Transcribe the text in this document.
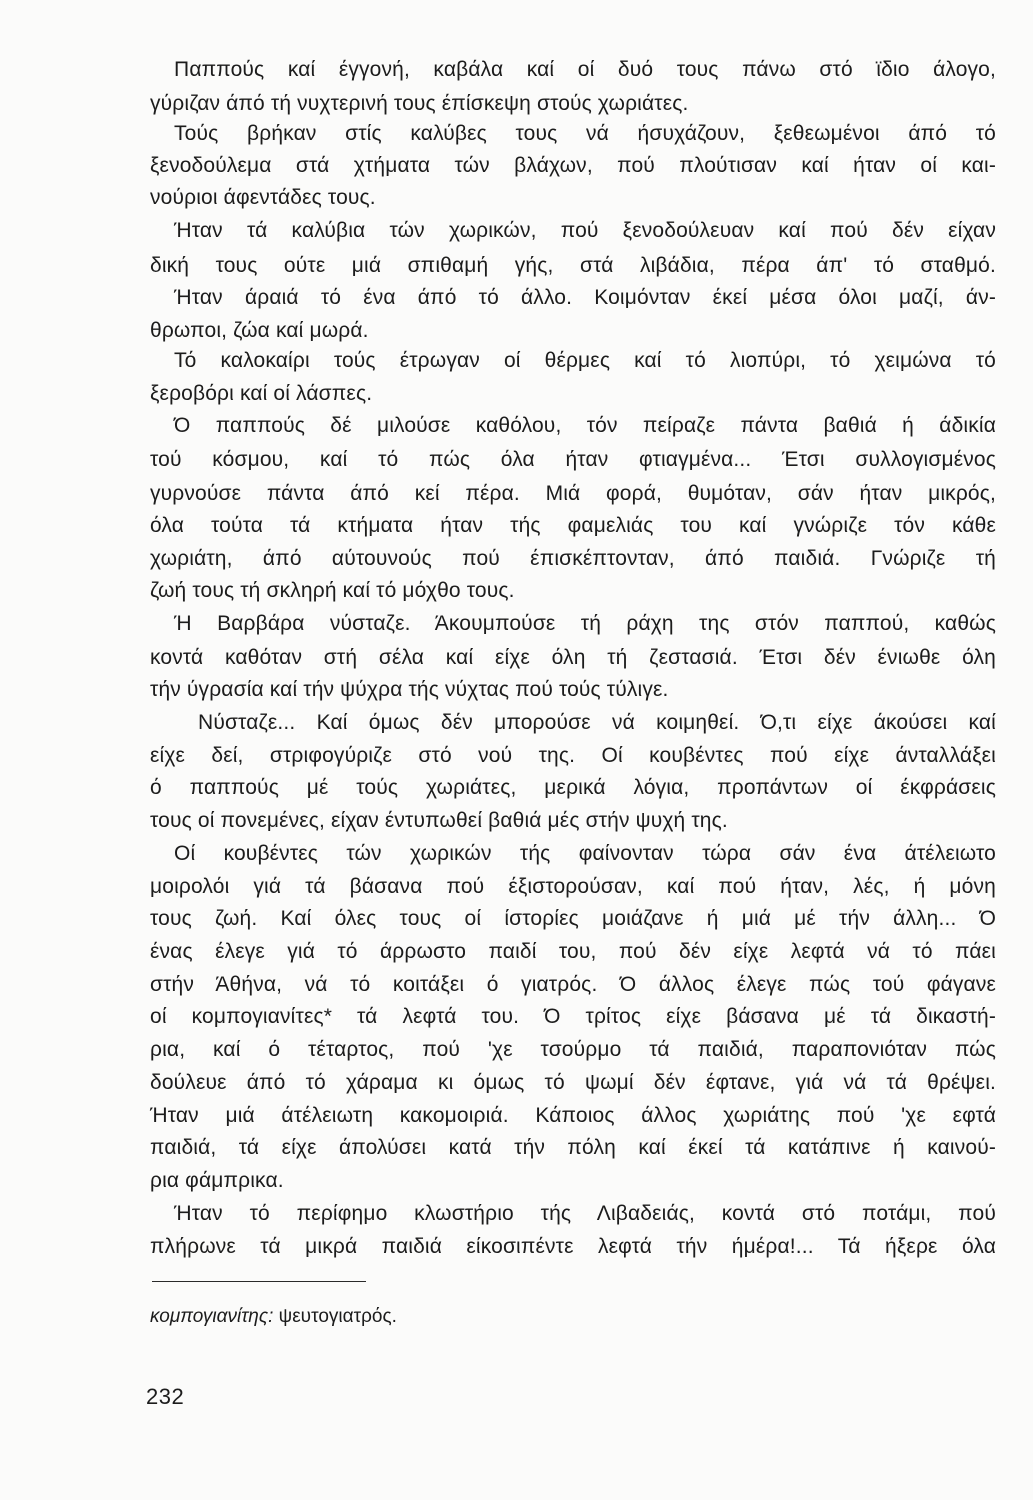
Παππούς καί έγγονή, καβάλα καί οί δυό τους πάνω στό ϊδιο άλογο,
γύριζαν άπό τή νυχτερινή τους έπίσκεψη στούς χωριάτες.
Τούς βρήκαν στίς καλύβες τους νά ήσυχάζουν, ξεθεωμένοι άπό τό
ξενοδούλεμα στά χτήματα τών βλάχων, πού πλούτισαν καί ήταν οί και-
νούριοι άφεντάδες τους.
Ήταν τά καλύβια τών χωρικών, πού ξενοδούλευαν καί πού δέν είχαν
δική τους ούτε μιά σπιθαμή γής, στά λιβάδια, πέρα άπ' τό σταθμό.
Ήταν άραιά τό ένα άπό τό άλλο. Κοιμόνταν έκεί μέσα όλοι μαζί, άν-
θρωποι, ζώα καί μωρά.
Τό καλοκαίρι τούς έτρωγαν οί θέρμες καί τό λιοπύρι, τό χειμώνα τό
ξεροβόρι καί οί λάσπες.
Ό παππούς δέ μιλούσε καθόλου, τόν πείραζε πάντα βαθιά ή άδικία
τού κόσμου, καί τό πώς όλα ήταν φτιαγμένα... Έτσι συλλογισμένος
γυρνούσε πάντα άπό κεί πέρα. Μιά φορά, θυμόταν, σάν ήταν μικρός,
όλα τούτα τά κτήματα ήταν τής φαμελιάς του καί γνώριζε τόν κάθε
χωριάτη, άπό αύτουνούς πού έπισκέπτονταν, άπό παιδιά. Γνώριζε τή
ζωή τους τή σκληρή καί τό μόχθο τους.
Ή Βαρβάρα νύσταζε. Άκουμπούσε τή ράχη της στόν παππού, καθώς
κοντά καθόταν στή σέλα καί είχε όλη τή ζεστασιά. Έτσι δέν ένιωθε όλη
τήν ύγρασία καί τήν ψύχρα τής νύχτας πού τούς τύλιγε.
Νύσταζε... Καί όμως δέν μπορούσε νά κοιμηθεί. Ό,τι είχε άκούσει καί
είχε δεί, στριφογύριζε στό νού της. Οί κουβέντες πού είχε άνταλλάξει
ό παππούς μέ τούς χωριάτες, μερικά λόγια, προπάντων οί έκφράσεις
τους οί πονεμένες, είχαν έντυπωθεί βαθιά μές στήν ψυχή της.
Οί κουβέντες τών χωρικών τής φαίνονταν τώρα σάν ένα άτέλειωτο
μοιρολόι γιά τά βάσανα πού έξιστορούσαν, καί πού ήταν, λές, ή μόνη
τους ζωή. Καί όλες τους οί ίστορίες μοιάζανε ή μιά μέ τήν άλλη... Ό
ένας έλεγε γιά τό άρρωστο παιδί του, πού δέν είχε λεφτά νά τό πάει
στήν Άθήνα, νά τό κοιτάξει ό γιατρός. Ό άλλος έλεγε πώς τού φάγανε
οί κομπογιανίτες* τά λεφτά του. Ό τρίτος είχε βάσανα μέ τά δικαστή-
ρια, καί ό τέταρτος, πού 'χε τσούρμο τά παιδιά, παραπονιόταν πώς
δούλευε άπό τό χάραμα κι όμως τό ψωμί δέν έφτανε, γιά νά τά θρέψει.
Ήταν μιά άτέλειωτη κακομοιριά. Κάποιος άλλος χωριάτης πού 'χε εφτά
παιδιά, τά είχε άπολύσει κατά τήν πόλη καί έκεί τά κατάπινε ή καινού-
ρια φάμπρικα.
Ήταν τό περίφημο κλωστήριο τής Λιβαδειάς, κοντά στό ποτάμι, πού
πλήρωνε τά μικρά παιδιά είκοσιπέντε λεφτά τήν ήμέρα!... Τά ήξερε όλα
κομπογιανίτης: ψευτογιατρός.
232
